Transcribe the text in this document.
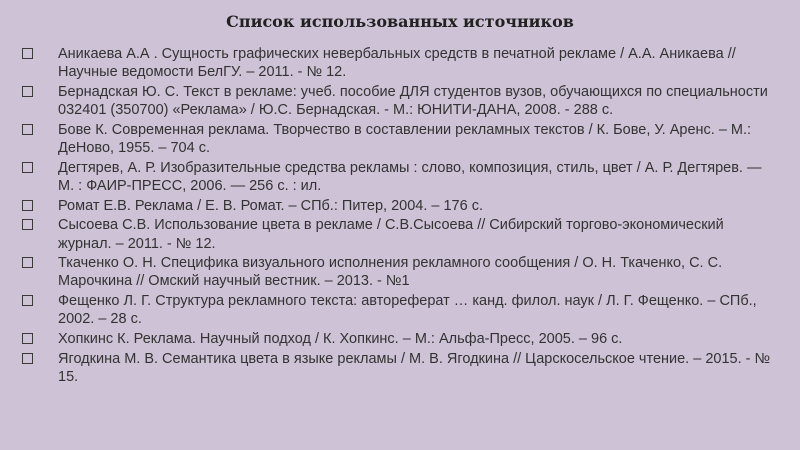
Список использованных источников
Аникаева А.А . Сущность графических невербальных средств в печатной рекламе / А.А. Аникаева // Научные ведомости БелГУ. – 2011. - № 12.
Бернадская Ю. С. Текст в рекламе: учеб. пособие ДЛЯ студентов вузов, обучающихся по специальности 032401 (350700) «Реклама» / Ю.С. Бернадская. - М.: ЮНИТИ-ДАНА, 2008. - 288 с.
Бове К. Современная реклама. Творчество в составлении рекламных текстов / К. Бове, У. Аренс. – М.: ДеНово, 1955. – 704 с.
Дегтярев, А. Р. Изобразительные средства рекламы : слово, композиция, стиль, цвет / А. Р. Дегтярев. — М. : ФАИР-ПРЕСС, 2006. — 256 с. : ил.
Ромат Е.В. Реклама / Е. В. Ромат. – СПб.: Питер, 2004. – 176 с.
Сысоева С.В. Использование цвета в рекламе / С.В.Сысоева // Сибирский торгово-экономический журнал. – 2011. - № 12.
Ткаченко О. Н. Специфика визуального исполнения рекламного сообщения / О. Н. Ткаченко, С. С. Марочкина // Омский научный вестник. – 2013. - №1
Фещенко Л. Г. Структура рекламного текста: автореферат … канд. филол. наук / Л. Г. Фещенко. – СПб., 2002. – 28 с.
Хопкинс К. Реклама. Научный подход / К. Хопкинс. – М.: Альфа-Пресс, 2005. – 96 с.
Ягодкина М. В. Семантика цвета в языке рекламы / М. В. Ягодкина // Царскосельское чтение. – 2015. - № 15.
